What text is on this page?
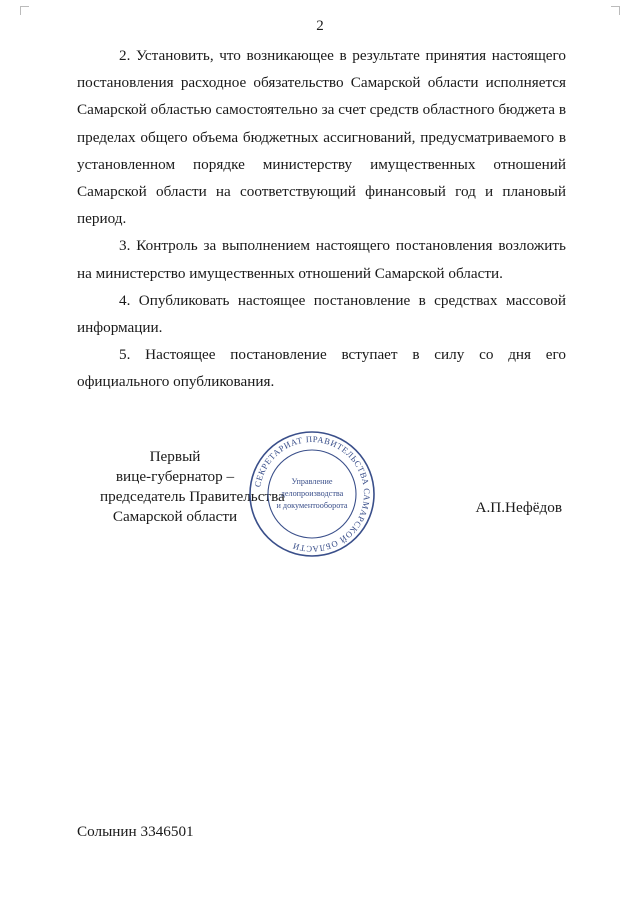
2

2. Установить, что возникающее в результате принятия настоящего постановления расходное обязательство Самарской области исполняется Самарской областью самостоятельно за счет средств областного бюджета в пределах общего объема бюджетных ассигнований, предусматриваемого в установленном порядке министерству имущественных отношений Самарской области на соответствующий финансовый год и плановый период.

3. Контроль за выполнением настоящего постановления возложить на министерство имущественных отношений Самарской области.

4. Опубликовать настоящее постановление в средствах массовой информации.

5. Настоящее постановление вступает в силу со дня его официального опубликования.

Первый
вице-губернатор –
председатель Правительства
Самарской области
СЕКРЕТАРИАТ ПРАВИТЕЛЬСТВА САМАРСКОЙ ОБЛАСТИ
Управление
делопроизводства
и документооборота	А.П.Нефёдов
Солынин 3346501
